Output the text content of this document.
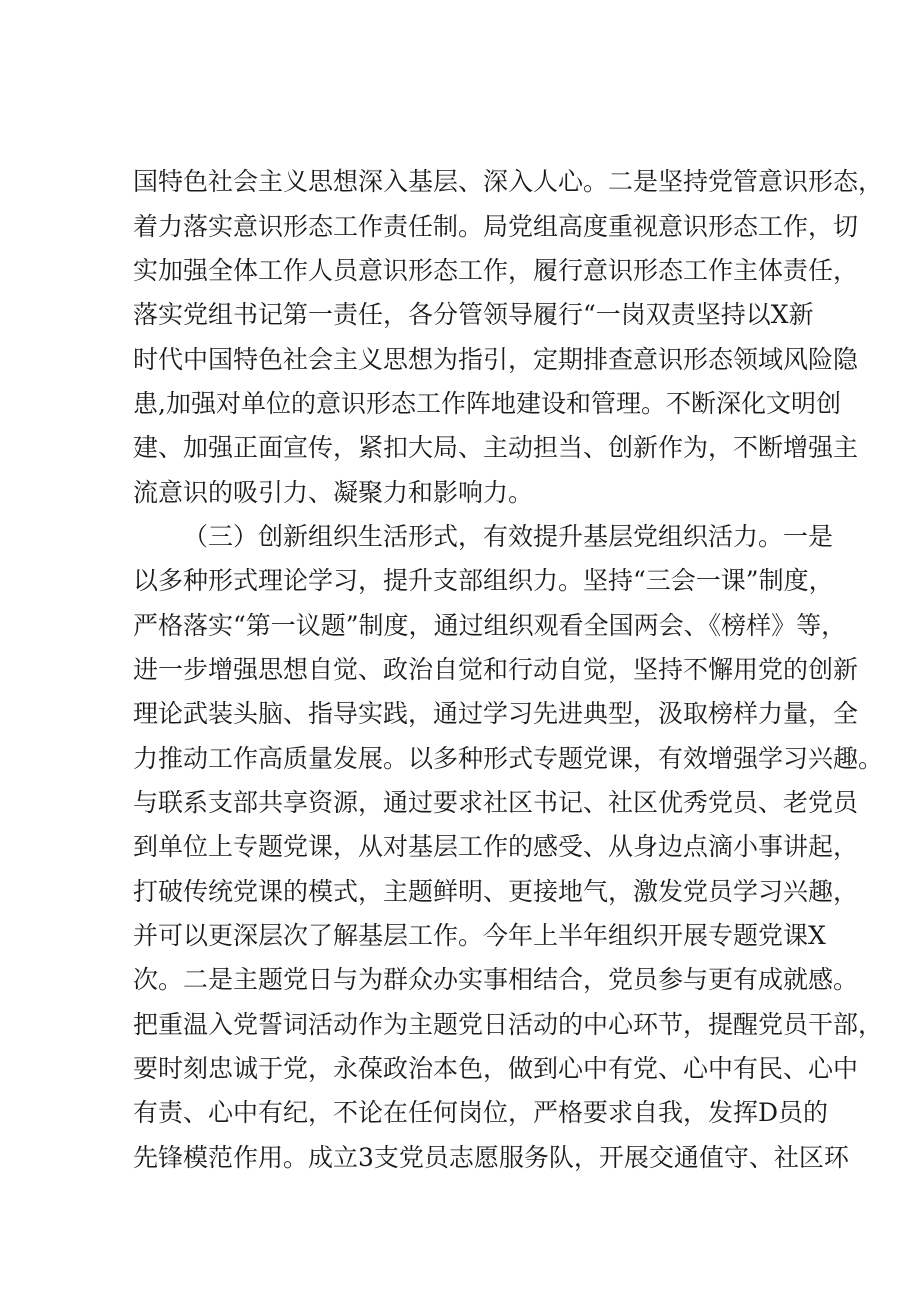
国特色社会主义思想深入基层、深入人心。二是坚持党管意识形态，
着力落实意识形态工作责任制。局党组高度重视意识形态工作，切
实加强全体工作人员意识形态工作，履行意识形态工作主体责任，
落实党组书记第一责任，各分管领导履行“一岗双责坚持以X新
时代中国特色社会主义思想为指引，定期排查意识形态领域风险隐
患,加强对单位的意识形态工作阵地建设和管理。不断深化文明创
建、加强正面宣传，紧扣大局、主动担当、创新作为，不断增强主
流意识的吸引力、凝聚力和影响力。
（三）创新组织生活形式，有效提升基层党组织活力。一是
以多种形式理论学习，提升支部组织力。坚持“三会一课”制度，
严格落实“第一议题”制度，通过组织观看全国两会、《榜样》等，
进一步增强思想自觉、政治自觉和行动自觉，坚持不懈用党的创新
理论武装头脑、指导实践，通过学习先进典型，汲取榜样力量，全
力推动工作高质量发展。以多种形式专题党课，有效增强学习兴趣。
与联系支部共享资源，通过要求社区书记、社区优秀党员、老党员
到单位上专题党课，从对基层工作的感受、从身边点滴小事讲起，
打破传统党课的模式，主题鲜明、更接地气，激发党员学习兴趣，
并可以更深层次了解基层工作。今年上半年组织开展专题党课X
次。二是主题党日与为群众办实事相结合，党员参与更有成就感。
把重温入党誓词活动作为主题党日活动的中心环节，提醒党员干部，
要时刻忠诚于党，永葆政治本色，做到心中有党、心中有民、心中
有责、心中有纪，不论在任何岗位，严格要求自我，发挥D员的
先锋模范作用。成立3支党员志愿服务队，开展交通值守、社区环
